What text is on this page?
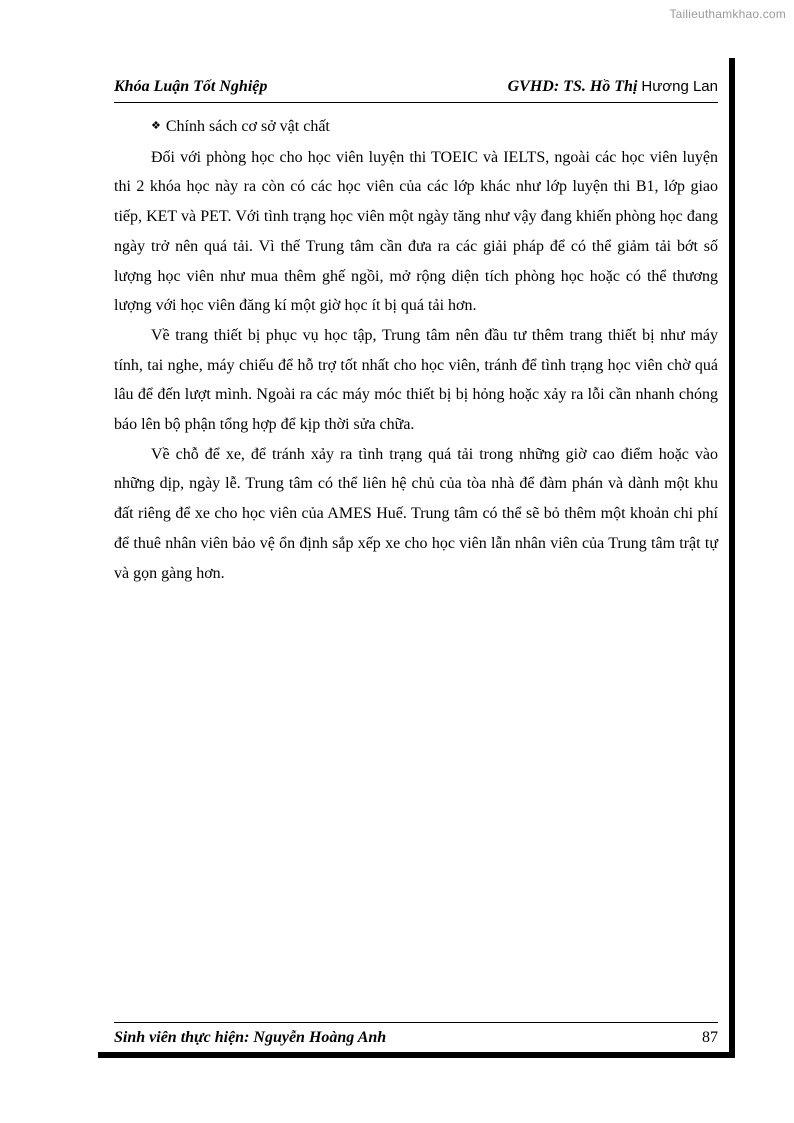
Tailieuthamkhao.com
Khóa Luận Tốt Nghiệp	GVHD: TS. Hồ Thị Hương Lan
❖ Chính sách cơ sở vật chất

Đối với phòng học cho học viên luyện thi TOEIC và IELTS, ngoài các học viên luyện thi 2 khóa học này ra còn có các học viên của các lớp khác như lớp luyện thi B1, lớp giao tiếp, KET và PET. Với tình trạng học viên một ngày tăng như vậy đang khiến phòng học đang ngày trở nên quá tải. Vì thế Trung tâm cần đưa ra các giải pháp để có thể giảm tải bớt số lượng học viên như mua thêm ghế ngồi, mở rộng diện tích phòng học hoặc có thể thương lượng với học viên đăng kí một giờ học ít bị quá tải hơn.

Về trang thiết bị phục vụ học tập, Trung tâm nên đầu tư thêm trang thiết bị như máy tính, tai nghe, máy chiếu để hỗ trợ tốt nhất cho học viên, tránh để tình trạng học viên chờ quá lâu để đến lượt mình. Ngoài ra các máy móc thiết bị bị hỏng hoặc xảy ra lỗi cần nhanh chóng báo lên bộ phận tổng hợp để kịp thời sửa chữa.

Về chỗ để xe, để tránh xảy ra tình trạng quá tải trong những giờ cao điểm hoặc vào những dịp, ngày lễ. Trung tâm có thể liên hệ chủ của tòa nhà để đàm phán và dành một khu đất riêng để xe cho học viên của AMES Huế. Trung tâm có thể sẽ bỏ thêm một khoản chi phí để thuê nhân viên bảo vệ ổn định sắp xếp xe cho học viên lẫn nhân viên của Trung tâm trật tự và gọn gàng hơn.

Sinh viên thực hiện: Nguyễn Hoàng Anh	87
